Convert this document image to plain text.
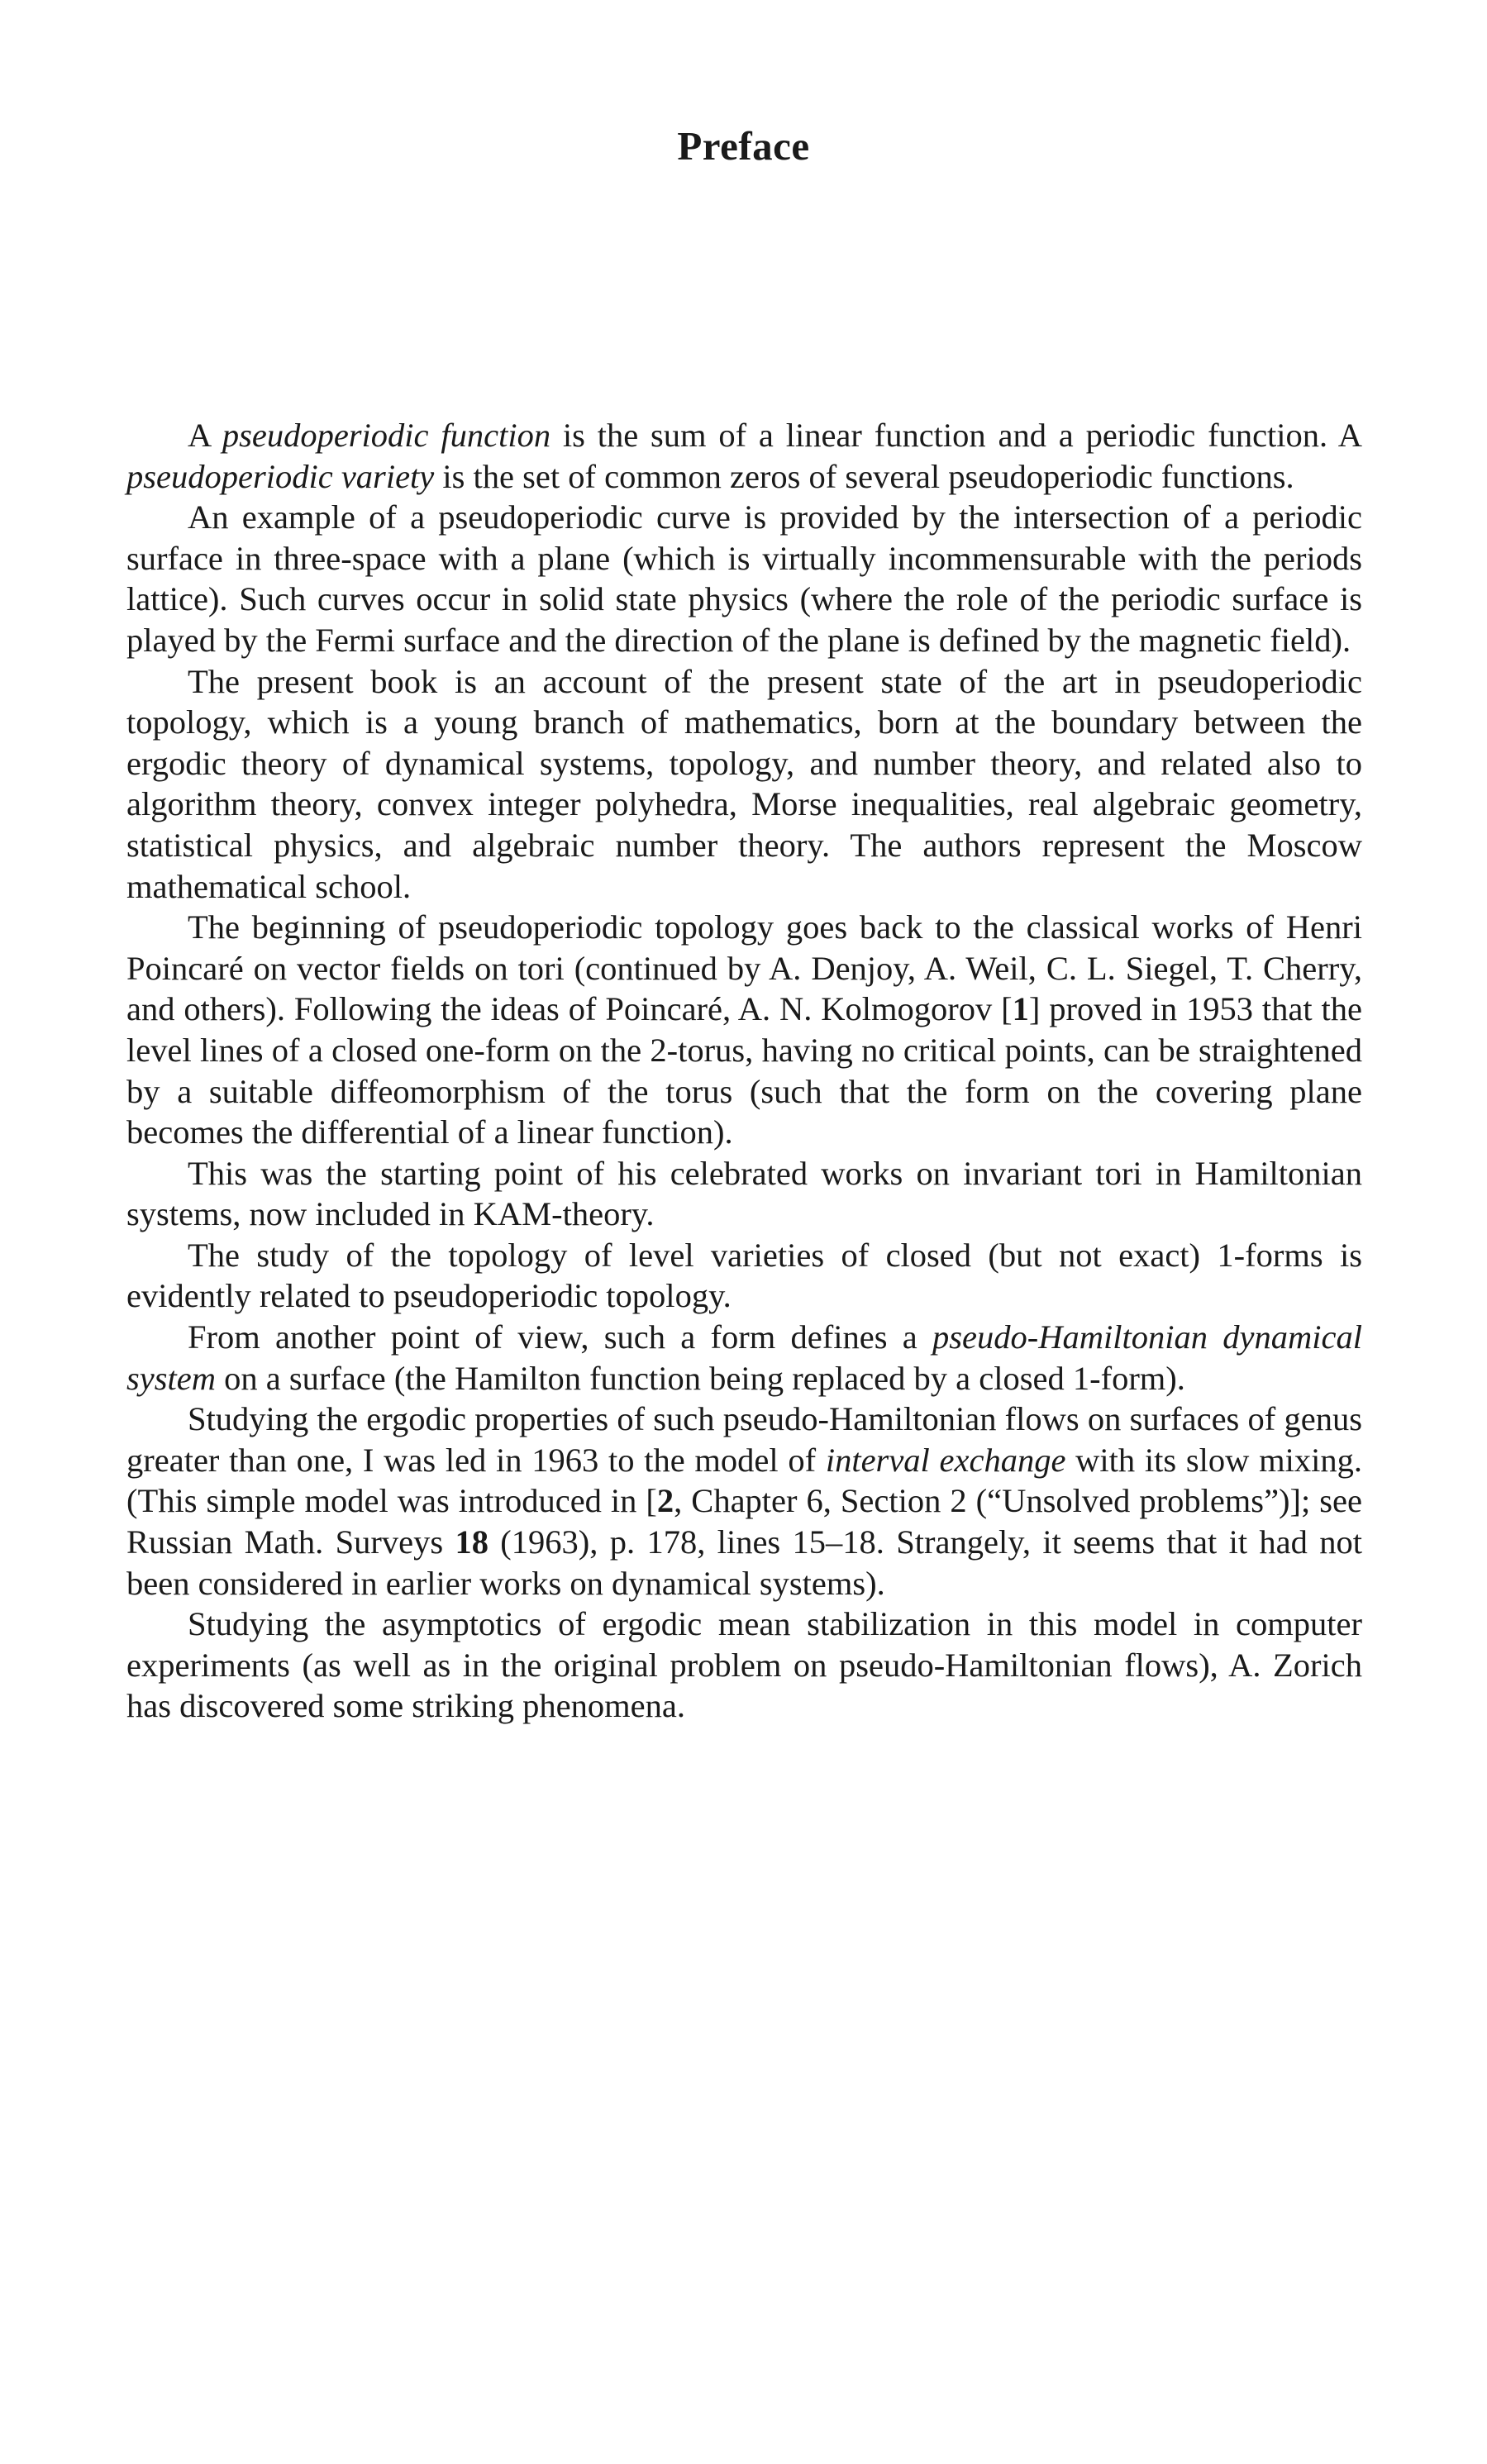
Preface

A pseudoperiodic function is the sum of a linear function and a periodic function. A pseudoperiodic variety is the set of common zeros of several pseudoperiodic functions.

An example of a pseudoperiodic curve is provided by the intersection of a periodic surface in three-space with a plane (which is virtually incommensurable with the periods lattice). Such curves occur in solid state physics (where the role of the periodic surface is played by the Fermi surface and the direction of the plane is defined by the magnetic field).

The present book is an account of the present state of the art in pseudoperiodic topology, which is a young branch of mathematics, born at the boundary between the ergodic theory of dynamical systems, topology, and number theory, and related also to algorithm theory, convex integer polyhedra, Morse inequalities, real algebraic geometry, statistical physics, and algebraic number theory. The authors represent the Moscow mathematical school.

The beginning of pseudoperiodic topology goes back to the classical works of Henri Poincaré on vector fields on tori (continued by A. Denjoy, A. Weil, C. L. Siegel, T. Cherry, and others). Following the ideas of Poincaré, A. N. Kolmogorov [1] proved in 1953 that the level lines of a closed one-form on the 2-torus, having no critical points, can be straightened by a suitable diffeomorphism of the torus (such that the form on the covering plane becomes the differential of a linear function).

This was the starting point of his celebrated works on invariant tori in Hamiltonian systems, now included in KAM-theory.

The study of the topology of level varieties of closed (but not exact) 1-forms is evidently related to pseudoperiodic topology.

From another point of view, such a form defines a pseudo-Hamiltonian dynamical system on a surface (the Hamilton function being replaced by a closed 1-form).

Studying the ergodic properties of such pseudo-Hamiltonian flows on surfaces of genus greater than one, I was led in 1963 to the model of interval exchange with its slow mixing. (This simple model was introduced in [2, Chapter 6, Section 2 (“Unsolved problems”)]; see Russian Math. Surveys 18 (1963), p. 178, lines 15–18. Strangely, it seems that it had not been considered in earlier works on dynamical systems).

Studying the asymptotics of ergodic mean stabilization in this model in computer experiments (as well as in the original problem on pseudo-Hamiltonian flows), A. Zorich has discovered some striking phenomena.
